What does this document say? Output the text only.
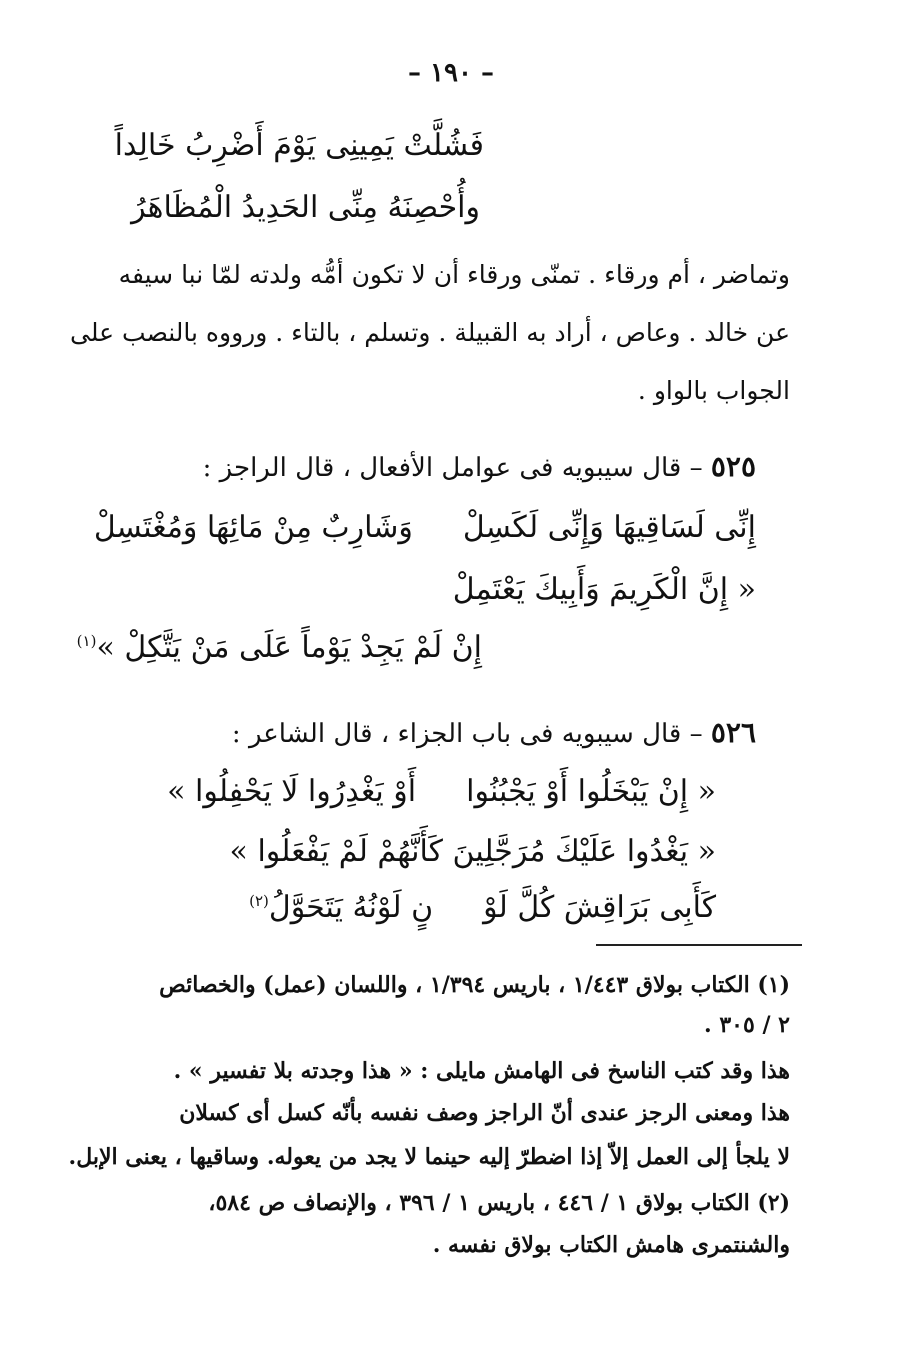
– ١٩٠ –
فَشُلَّتْ يَمِينِى يَوْمَ أَضْرِبُ خَالِداً
وأُحْصِنَهُ مِنِّى الحَدِيدُ الْمُظَاهَرُ
وتماضر ، أم ورقاء . تمنّى ورقاء أن لا تكون أمُّه ولدته لمّا نبا سيفه
عن خالد . وعاص ، أراد به القبيلة . وتسلم ، بالتاء . ورووه بالنصب على
الجواب بالواو .
٥٢٥ – قال سيبويه فى عوامل الأفعال ، قال الراجز :
إِنِّى لَسَاقِيهَا وَإِنِّى لَكَسِلْوَشَارِبٌ مِنْ مَائِهَا وَمُغْتَسِلْ
« إِنَّ الْكَرِيمَ وَأَبِيكَ يَعْتَمِلْ
إِنْ لَمْ يَجِدْ يَوْماً عَلَى مَنْ يَتَّكِلْ »$^{(١)}$
٥٢٦ – قال سيبويه فى باب الجزاء ، قال الشاعر :
« إِنْ يَبْخَلُوا أَوْ يَجْبُنُواأَوْ يَغْدِرُوا لَا يَحْفِلُوا »
« يَغْدُوا عَلَيْكَ مُرَجَّلِينَ كَأَنَّهُمْ لَمْ يَفْعَلُوا »
كَأَبِى بَرَاقِشَ كُلَّ لَوْنٍ لَوْنُهُ يَتَحَوَّلُ$^{(٢)}$
(١) الكتاب بولاق ١/٤٤٣ ، باريس ١/٣٩٤ ، واللسان (عمل) والخصائص
٢ / ٣٠٥ .
هذا وقد كتب الناسخ فى الهامش مايلى : « هذا وجدته بلا تفسير » .
هذا ومعنى الرجز عندى أنّ الراجز وصف نفسه بأنّه كسل أى كسلان
لا يلجأ إلى العمل إلاّ إذا اضطرّ إليه حينما لا يجد من يعوله. وساقيها ، يعنى الإبل.
(٢) الكتاب بولاق ١ / ٤٤٦ ، باريس ١ / ٣٩٦ ، والإنصاف ص ٥٨٤،
والشنتمرى هامش الكتاب بولاق نفسه .
